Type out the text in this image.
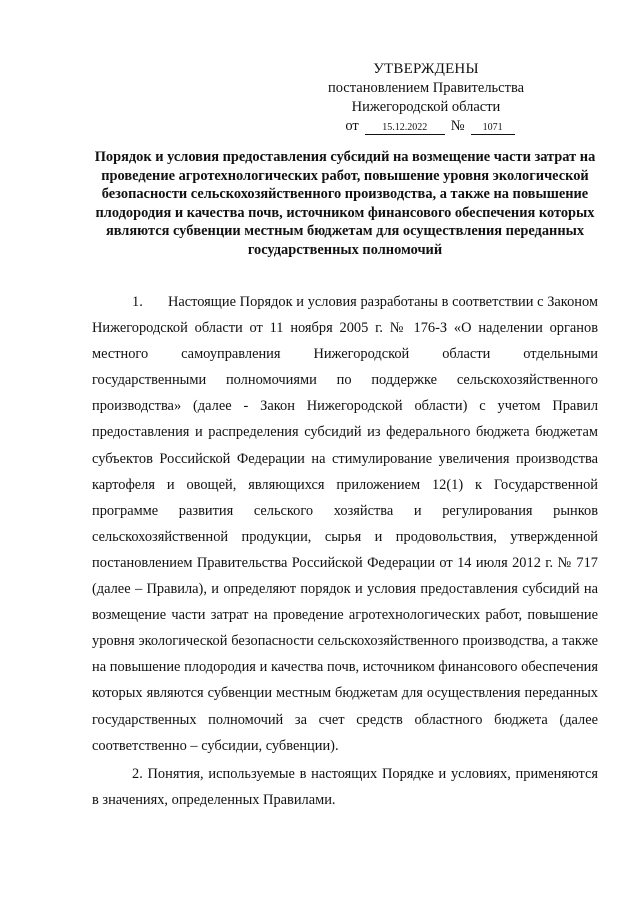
УТВЕРЖДЕНЫ
постановлением Правительства
Нижегородской области
от	15.12.2022	№	1071
Порядок и условия предоставления субсидий на возмещение части затрат на проведение агротехнологических работ, повышение уровня экологической безопасности сельскохозяйственного производства, а также на повышение плодородия и качества почв, источником финансового обеспечения которых являются субвенции местным бюджетам для осуществления переданных государственных полномочий

1. Настоящие Порядок и условия разработаны в соответствии с Законом Нижегородской области от 11 ноября 2005 г. № 176-З «О наделении органов местного самоуправления Нижегородской области отдельными государственными полномочиями по поддержке сельскохозяйственного производства» (далее - Закон Нижегородской области) с учетом Правил предоставления и распределения субсидий из федерального бюджета бюджетам субъектов Российской Федерации на стимулирование увеличения производства картофеля и овощей, являющихся приложением 12(1) к Государственной программе развития сельского хозяйства и регулирования рынков сельскохозяйственной продукции, сырья и продовольствия, утвержденной постановлением Правительства Российской Федерации от 14 июля 2012 г. № 717 (далее – Правила), и определяют порядок и условия предоставления субсидий на возмещение части затрат на проведение агротехнологических работ, повышение уровня экологической безопасности сельскохозяйственного производства, а также на повышение плодородия и качества почв, источником финансового обеспечения которых являются субвенции местным бюджетам для осуществления переданных государственных полномочий за счет средств областного бюджета (далее соответственно – субсидии, субвенции).

2. Понятия, используемые в настоящих Порядке и условиях, применяются в значениях, определенных Правилами.
